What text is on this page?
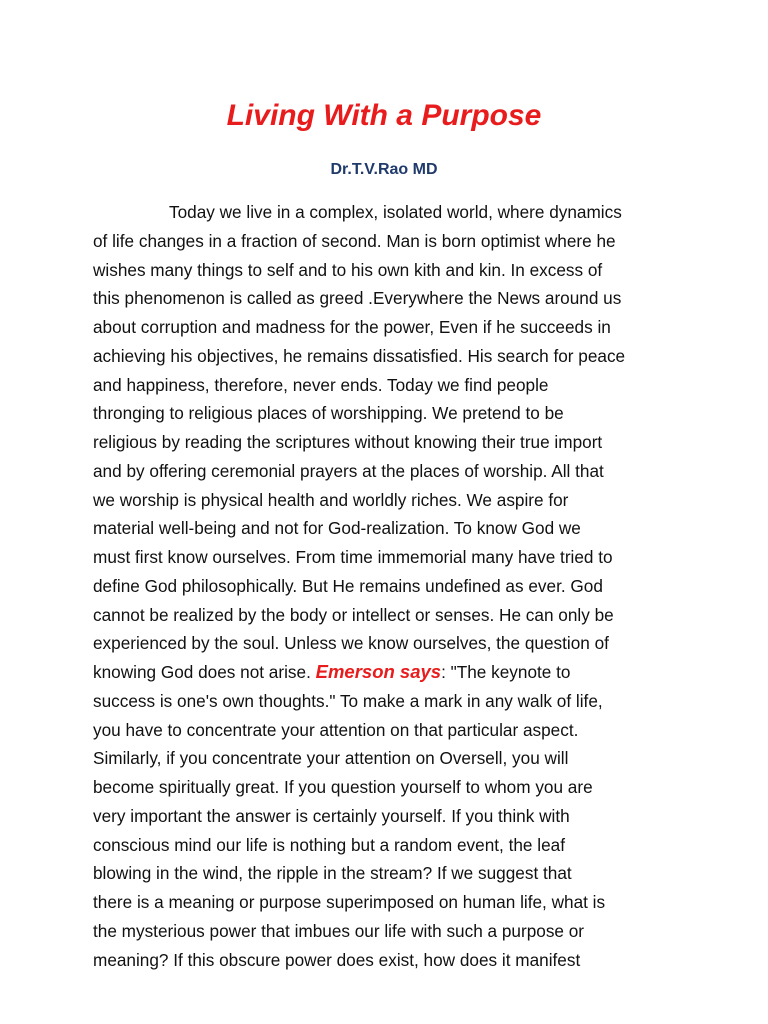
Living With a Purpose
Dr.T.V.Rao MD
Today we live in a complex, isolated world, where dynamics
of life changes in a fraction of second. Man is born optimist where he
wishes many things to self and to his own kith and kin. In excess of
this phenomenon is called as greed .Everywhere the News around us
about corruption and madness for the power, Even if he succeeds in
achieving his objectives, he remains dissatisfied. His search for peace
and happiness, therefore, never ends. Today we find people
thronging to religious places of worshipping. We pretend to be
religious by reading the scriptures without knowing their true import
and by offering ceremonial prayers at the places of worship. All that
we worship is physical health and worldly riches. We aspire for
material well-being and not for God-realization. To know God we
must first know ourselves. From time immemorial many have tried to
define God philosophically. But He remains undefined as ever. God
cannot be realized by the body or intellect or senses. He can only be
experienced by the soul. Unless we know ourselves, the question of
knowing God does not arise. Emerson says: "The keynote to
success is one's own thoughts." To make a mark in any walk of life,
you have to concentrate your attention on that particular aspect.
Similarly, if you concentrate your attention on Oversell, you will
become spiritually great. If you question yourself to whom you are
very important the answer is certainly yourself. If you think with
conscious mind our life is nothing but a random event, the leaf
blowing in the wind, the ripple in the stream? If we suggest that
there is a meaning or purpose superimposed on human life, what is
the mysterious power that imbues our life with such a purpose or
meaning? If this obscure power does exist, how does it manifest
